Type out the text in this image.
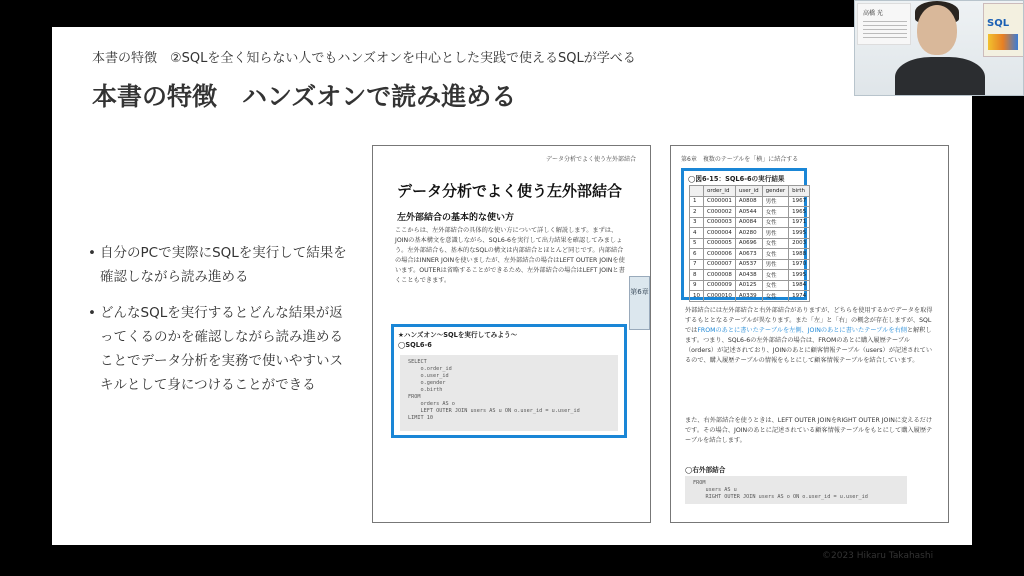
本書の特徴　②SQLを全く知らない人でもハンズオンを中心とした実践で使えるSQLが学べる
本書の特徴　ハンズオンで読み進める
• 自分のPCで実際にSQLを実行して結果を確認しながら読み進める
• どんなSQLを実行するとどんな結果が返ってくるのかを確認しながら読み進めることでデータ分析を実務で使いやすいスキルとして身につけることができる
データ分析でよく使う左外部結合
データ分析でよく使う左外部結合
左外部結合の基本的な使い方
ここからは、左外部結合の具体的な使い方について詳しく解説します。まずは、JOINの基本構文を意識しながら、SQL6-6を実行して出力結果を確認してみましょう。左外部結合も、基本的なSQLの構文は内部結合とほとんど同じです。内部結合の場合はINNER JOINを使いましたが、左外部結合の場合はLEFT OUTER JOINを使います。OUTERは省略することができるため、左外部結合の場合はLEFT JOINと書くこともできます。
★ハンズオン〜SQLを実行してみよう〜
◯SQL6-6
SELECT
o.order_id
o.user_id
o.gender
o.birth
FROM
orders AS o
LEFT OUTER JOIN users AS u ON o.user_id = u.user_id
LIMIT 10
第6章
第6章　複数のテーブルを「横」に結合する
◯図6-15：SQL6-6の実行結果
	order_id	user_id	gender	birth
1	C000001	A0808	男性	1967
2	C000002	A0544	女性	1965
3	C000003	A0084	女性	1971
4	C000004	A0280	男性	1995
5	C000005	A0696	女性	2003
6	C000006	A0673	女性	1988
7	C000007	A0537	男性	1970
8	C000008	A0438	女性	1995
9	C000009	A0125	女性	1984
10	C000010	A0339	女性	1974
外部結合には左外部結合と右外部結合がありますが、どちらを使用するかでデータを取得するもととなるテーブルが異なります。また「左」と「右」の概念が存在しますが、SQLではFROMのあとに書いたテーブルを左側、JOINのあとに書いたテーブルを右側と解釈します。つまり、SQL6-6の左外部結合の場合は、FROMのあとに購入履歴テーブル（orders）が記述されており、JOINのあとに顧客情報テーブル（users）が記述されているので、購入履歴テーブルの情報をもとにして顧客情報テーブルを結合しています。
また、右外部結合を使うときは、LEFT OUTER JOINをRIGHT OUTER JOINに変えるだけです。その場合、JOINのあとに記述されている顧客情報テーブルをもとにして購入履歴テーブルを結合します。
◯右外部結合
FROM
users AS u
RIGHT OUTER JOIN users AS o ON o.user_id = u.user_id
©2023 Hikaru Takahashi
高橋 光
SQL
